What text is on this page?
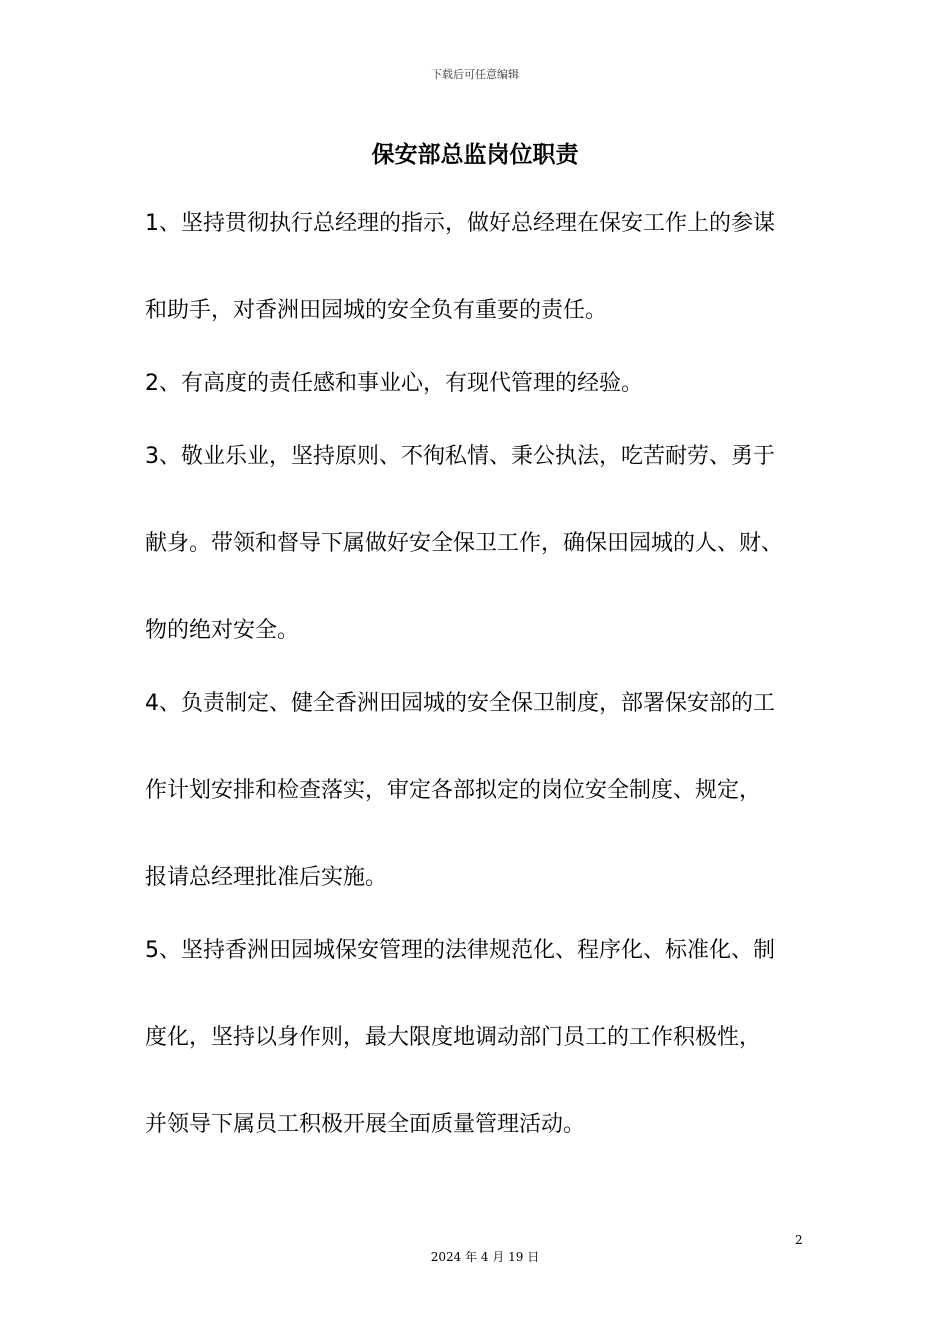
下载后可任意编辑
保安部总监岗位职责
1、坚持贯彻执行总经理的指示，做好总经理在保安工作上的参谋
和助手，对香洲田园城的安全负有重要的责任。
2、有高度的责任感和事业心，有现代管理的经验。
3、敬业乐业，坚持原则、不徇私情、秉公执法，吃苦耐劳、勇于
献身。带领和督导下属做好安全保卫工作，确保田园城的人、财、
物的绝对安全。
4、负责制定、健全香洲田园城的安全保卫制度，部署保安部的工
作计划安排和检查落实，审定各部拟定的岗位安全制度、规定，
报请总经理批准后实施。
5、坚持香洲田园城保安管理的法律规范化、程序化、标准化、制
度化，坚持以身作则，最大限度地调动部门员工的工作积极性，
并领导下属员工积极开展全面质量管理活动。
2
2024 年 4 月 19 日
